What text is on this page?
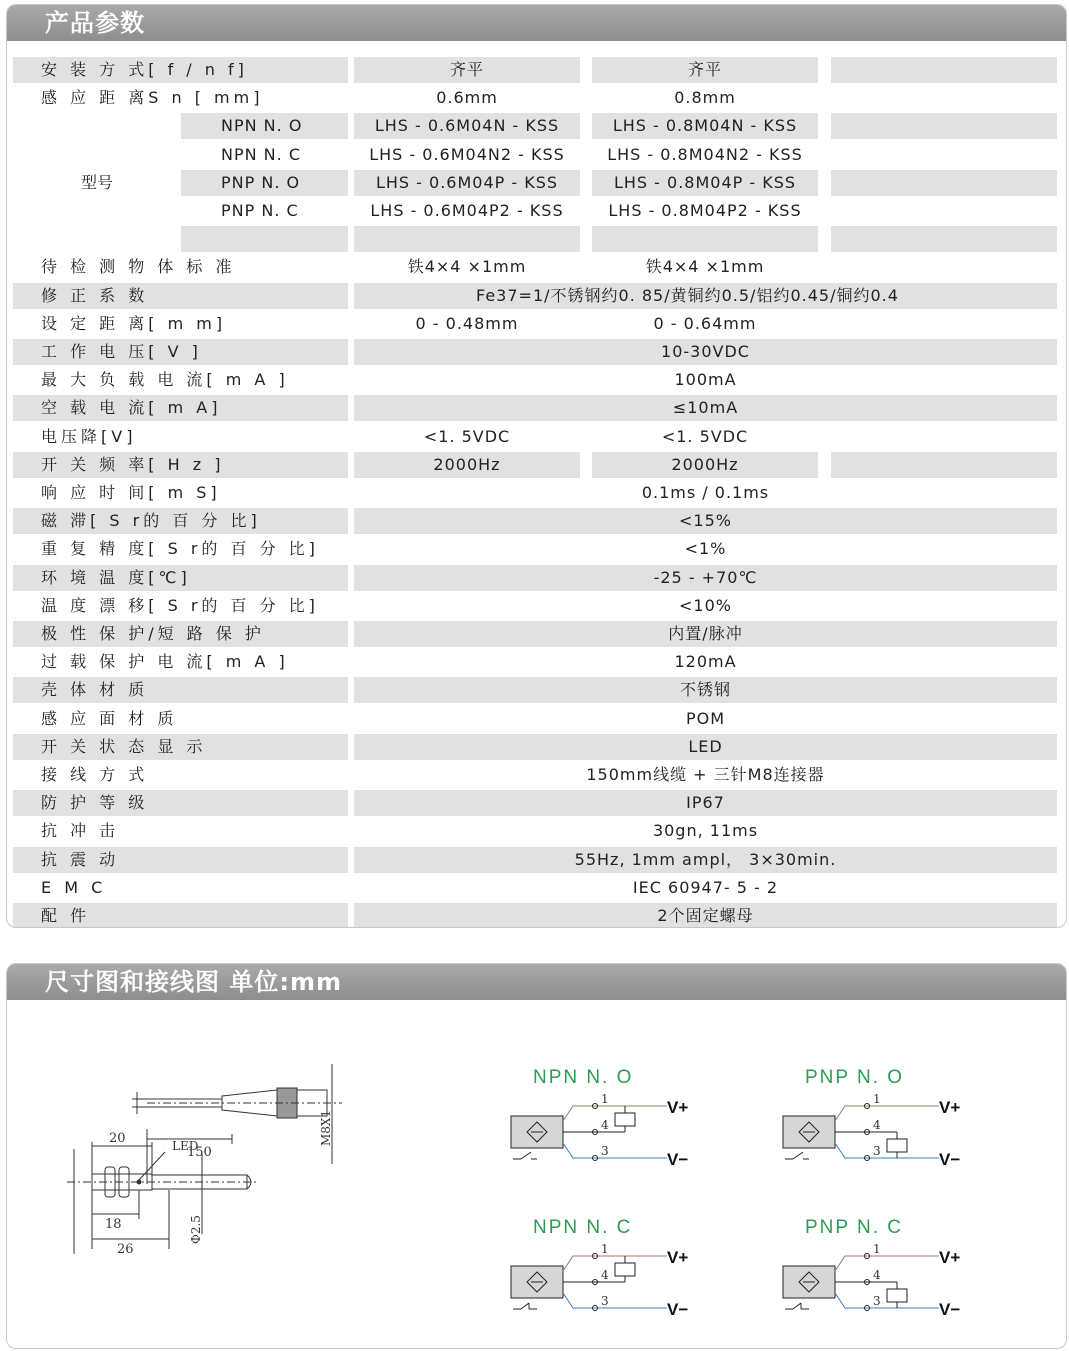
产品参数
安 装 方 式[ f / n f]	齐平	齐平
感 应 距 离S n [ mm]	0.6mm	0.8mm
NPN N. O	LHS - 0.6M04N - KSS	LHS - 0.8M04N - KSS
NPN N. C	LHS - 0.6M04N2 - KSS	LHS - 0.8M04N2 - KSS
PNP N. O	LHS - 0.6M04P - KSS	LHS - 0.8M04P - KSS
PNP N. C	LHS - 0.6M04P2 - KSS	LHS - 0.8M04P2 - KSS
待 检 测 物 体 标 准	铁4×4 ×1mm	铁4×4 ×1mm
修 正 系 数	Fe37=1/不锈钢约0. 85/黄铜约0.5/铝约0.45/铜约0.4
设 定 距 离[ m m]	0 - 0.48mm	0 - 0.64mm
工 作 电 压[ V ]	10-30VDC
最 大 负 载 电 流[ m A ]	100mA
空 载 电 流[ m A]	≤10mA
电压降[V]	<1. 5VDC	<1. 5VDC
开 关 频 率[ H z ]	2000Hz	2000Hz
响 应 时 间[ m S]	0.1ms / 0.1ms
磁 滞[ S r的 百 分 比]	<15%
重 复 精 度[ S r的 百 分 比]	<1%
环 境 温 度[℃]	-25 - +70℃
温 度 漂 移[ S r的 百 分 比]	<10%
极 性 保 护/短 路 保 护	内置/脉冲
过 载 保 护 电 流[ m A ]	120mA
壳 体 材 质	不锈钢
感 应 面 材 质	POM
开 关 状 态 显 示	LED
接 线 方 式	150mm线缆 + 三针M8连接器
防 护 等 级	IP67
抗 冲 击	30gn, 11ms
抗 震 动	55Hz, 1mm ampl， 3×30min.
E M C	IEC 60947- 5 - 2
配 件	2个固定螺母
型号
尺寸图和接线图 单位:mm
150
20
18
26
LED	M8X1
Φ2.5
NPN N. O
1
4
3
V+
V−
PNP N. O
1
4
3
V+
V−
NPN N. C
1
4
3
V+
V−
PNP N. C
1
4
3
V+
V−
